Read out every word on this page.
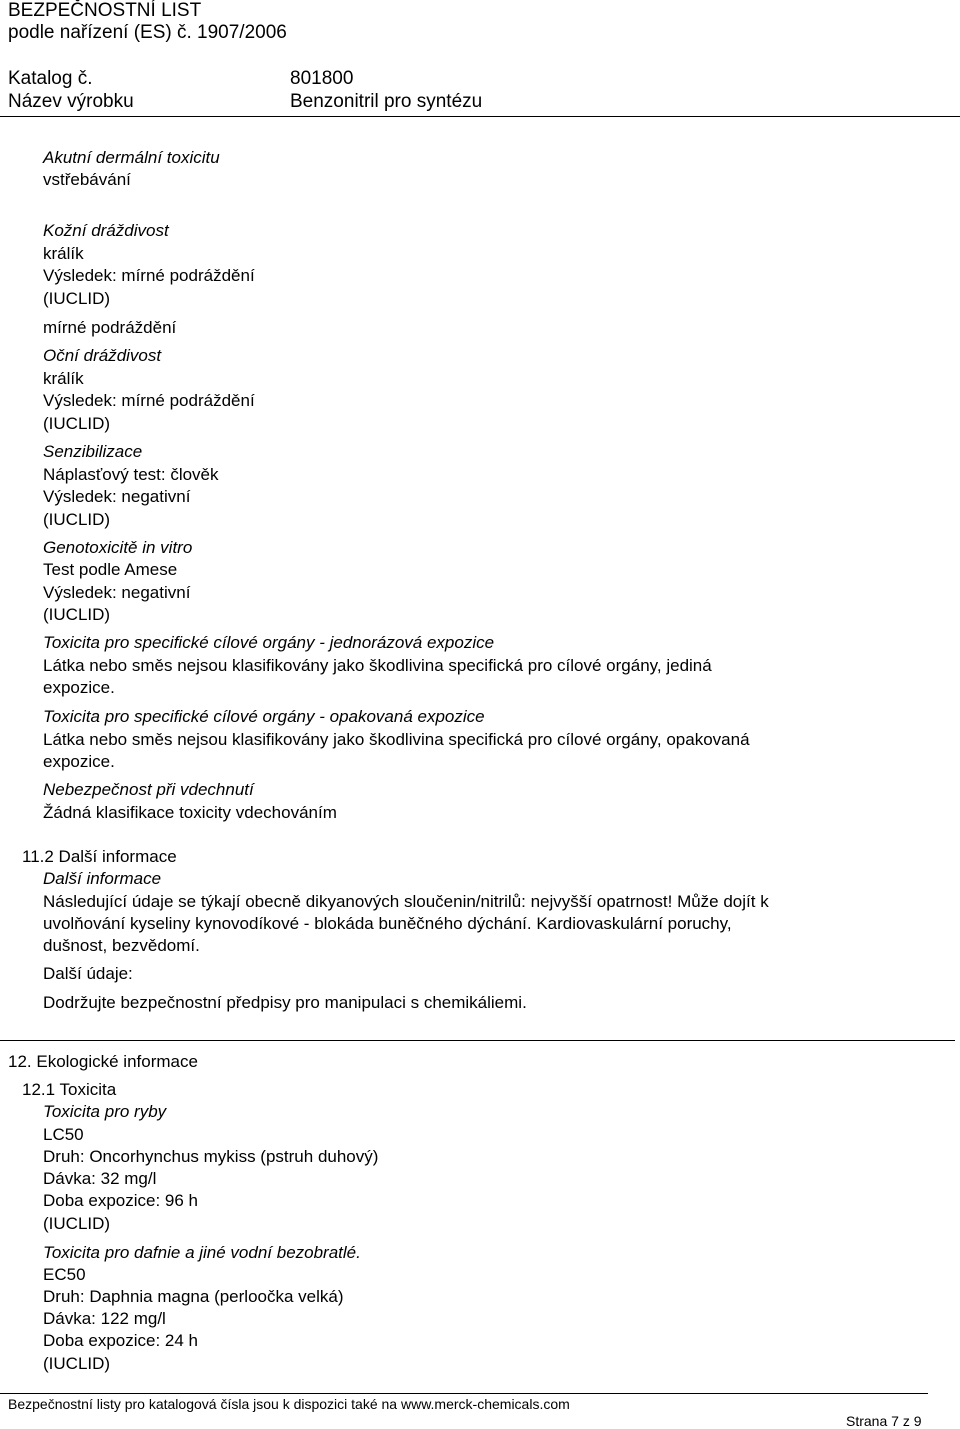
BEZPEČNOSTNÍ LIST
podle nařízení (ES) č. 1907/2006
Katalog č.	801800
Název výrobku	Benzonitril pro syntézu
Akutní dermální toxicitu
vstřebávání
Kožní dráždivost
králík
Výsledek: mírné podráždění
(IUCLID)
mírné podráždění
Oční dráždivost
králík
Výsledek: mírné podráždění
(IUCLID)
Senzibilizace
Náplasťový test: člověk
Výsledek: negativní
(IUCLID)
Genotoxicitě in vitro
Test podle Amese
Výsledek: negativní
(IUCLID)
Toxicita pro specifické cílové orgány - jednorázová expozice
Látka nebo směs nejsou klasifikovány jako škodlivina specifická pro cílové orgány, jediná
expozice.
Toxicita pro specifické cílové orgány - opakovaná expozice
Látka nebo směs nejsou klasifikovány jako škodlivina specifická pro cílové orgány, opakovaná
expozice.
Nebezpečnost při vdechnutí
Žádná klasifikace toxicity vdechováním
11.2 Další informace
Další informace
Následující údaje se týkají obecně dikyanových sloučenin/nitrilů: nejvyšší opatrnost! Může dojít k
uvolňování kyseliny kynovodíkové - blokáda buněčného dýchání. Kardiovaskulární poruchy,
dušnost, bezvědomí.
Další údaje:
Dodržujte bezpečnostní předpisy pro manipulaci s chemikáliemi.
12. Ekologické informace
12.1 Toxicita
Toxicita pro ryby
LC50
Druh: Oncorhynchus mykiss (pstruh duhový)
Dávka: 32 mg/l
Doba expozice: 96 h
(IUCLID)
Toxicita pro dafnie a jiné vodní bezobratlé.
EC50
Druh: Daphnia magna (perloočka velká)
Dávka: 122 mg/l
Doba expozice: 24 h
(IUCLID)
Bezpečnostní listy pro katalogová čísla jsou k dispozici také na www.merck-chemicals.com
Strana 7 z 9
